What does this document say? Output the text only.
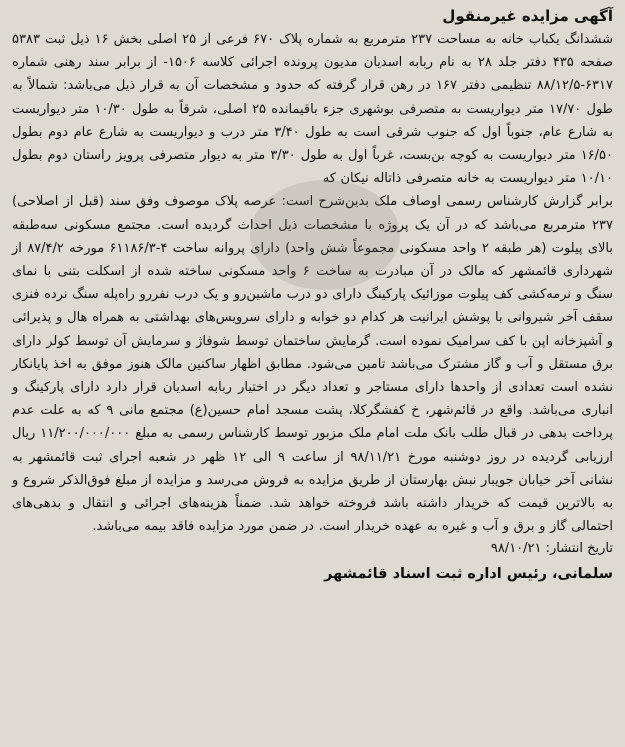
آگهی مزایده غیرمنقول

ششدانگ یکباب خانه به مساحت ۲۳۷ مترمربع به شماره پلاک ۶۷۰ فرعی از ۲۵ اصلی بخش ۱۶ ذیل ثبت ۵۳۸۳ صفحه ۴۳۵ دفتر جلد ۲۸ به نام ربابه اسدیان مدیون پرونده اجرائی کلاسه ۱۵۰۶- از برابر سند رهنی شماره ۶۳۱۷-۸۸/۱۲/۵ تنظیمی دفتر ۱۶۷ در رهن قرار گرفته که حدود و مشخصات آن به قرار ذیل می‌باشد: شمالاً به طول ۱۷/۷۰ متر دیواریست به متصرفی بوشهری جزء باقیمانده ۲۵ اصلی، شرقاً به طول ۱۰/۳۰ متر دیواریست به شارع عام، جنوباً اول که جنوب شرقی است به طول ۳/۴۰ متر درب و دیواریست به شارع عام دوم بطول ۱۶/۵۰ متر دیواریست به کوچه بن‌بست، غرباً اول به طول ۳/۳۰ متر به دیوار متصرفی پرویز راستان دوم بطول ۱۰/۱۰ متر دیواریست به خانه متصرفی ذاتاله نیکان که

برابر گزارش کارشناس رسمی اوصاف ملک بدین‌شرح است: عرصه پلاک موصوف وفق سند (قبل از اصلاحی) ۲۳۷ مترمربع می‌باشد که در آن یک پروژه با مشخصات ذیل احداث گردیده است. مجتمع مسکونی سه‌طبقه بالای پیلوت (هر طبقه ۲ واحد مسکونی مجموعاً شش واحد) دارای پروانه ساخت ۴-۶۱۱۸۶/۳ مورخه ۸۷/۴/۲ از شهرداری قائمشهر که مالک در آن مبادرت به ساخت ۶ واحد مسکونی ساخته شده از اسکلت بتنی با نمای سنگ و نرمه‌کشی کف پیلوت موزائیک پارکینگ دارای دو درب ماشین‌رو و یک درب نفررو راه‌پله سنگ نرده فنزی سقف آخر شیروانی با پوشش ایرانیت هر کدام دو خوابه و دارای سرویس‌های بهداشتی به همراه هال و پذیرائی و آشپزخانه اپن با کف سرامیک نموده است. گرمایش ساختمان توسط شوفاژ و سرمایش آن توسط کولر دارای برق مستقل و آب و گاز مشترک می‌باشد تامین می‌شود. مطابق اظهار ساکنین مالک هنوز موفق به اخذ پایانکار نشده است تعدادی از واحدها دارای مستاجر و تعداد دیگر در اختیار ربابه اسدیان قرار دارد دارای پارکینگ و انباری می‌باشد. واقع در قائم‌شهر، خ کفشگرکلا، پشت مسجد امام حسین(ع) مجتمع مانی ۹ که به علت عدم پرداخت بدهی در قبال طلب بانک ملت امام ملک مزبور توسط کارشناس رسمی به مبلغ ۱۱/۲۰۰/۰۰۰/۰۰۰ ریال ارزیابی گردیده در روز دوشنبه مورخ ۹۸/۱۱/۲۱ از ساعت ۹ الی ۱۲ ظهر در شعبه اجرای ثبت قائمشهر به نشانی آخر خیابان جویبار نبش بهارستان از طریق مزایده به فروش می‌رسد و مزایده از مبلغ فوق‌الذکر شروع و به بالاترین قیمت که خریدار داشته باشد فروخته خواهد شد. ضمناً هزینه‌های اجرائی و انتقال و بدهی‌های احتمالی گاز و برق و آب و غیره به عهده خریدار است. در ضمن مورد مزایده فاقد بیمه می‌باشد.

تاریخ انتشار: ۹۸/۱۰/۲۱
سلمانی، رئیس اداره ثبت اسناد قائمشهر
